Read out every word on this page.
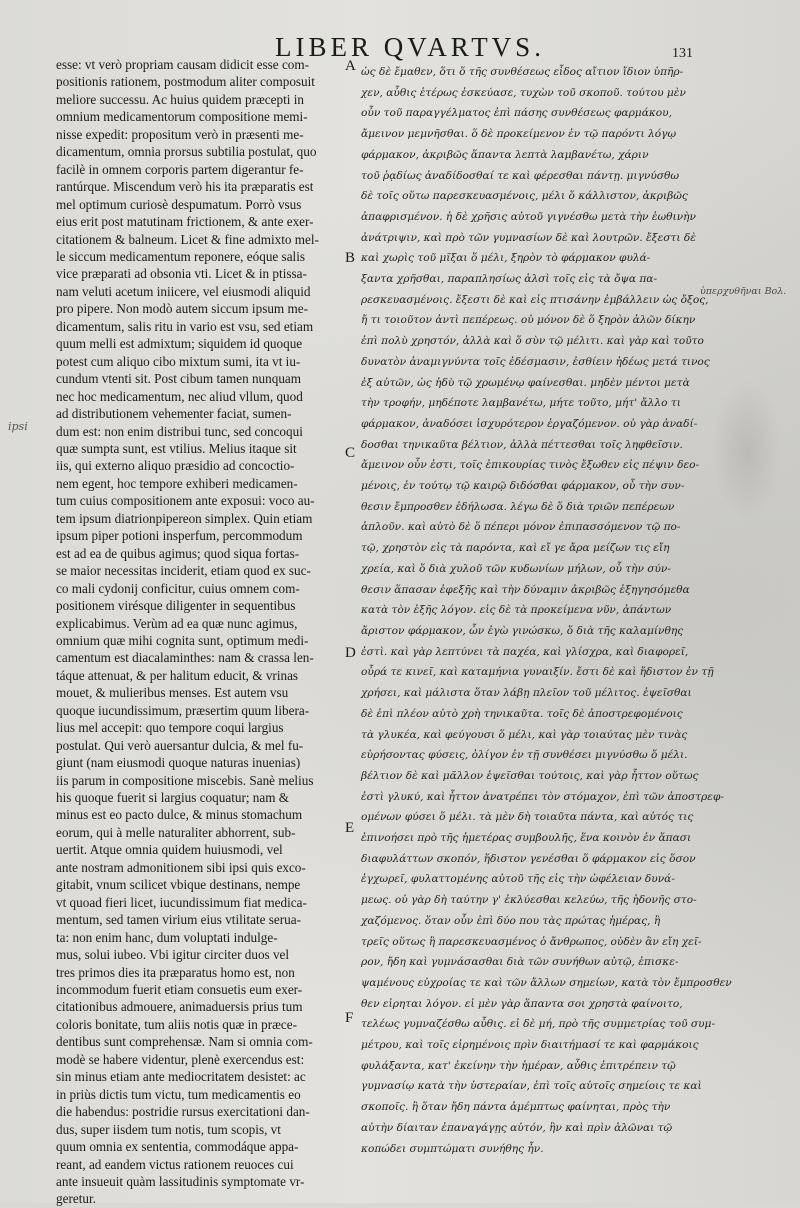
LIBER QVARTVS.	131
esse: vt verò propriam causam didicit esse com-
positionis rationem, postmodum aliter composuit
meliore successu. Ac huius quidem præcepti in
omnium medicamentorum compositione memi-
nisse expedit: propositum verò in præsenti me-
dicamentum, omnia prorsus subtilia postulat, quo
facilè in omnem corporis partem digerantur fe-
rantúrque. Miscendum verò his ita præparatis est
mel optimum curiosè despumatum. Porrò vsus
eius erit post matutinam frictionem, & ante exer-
citationem & balneum. Licet & fine admixto mel-
le siccum medicamentum reponere, eóque salis
vice præparati ad obsonia vti. Licet & in ptissa-
nam veluti acetum iniicere, vel eiusmodi aliquid
pro pipere. Non modò autem siccum ipsum me-
dicamentum, salis ritu in vario est vsu, sed etiam
quum melli est admixtum; siquidem id quoque
potest cum aliquo cibo mixtum sumi, ita vt iu-
cundum vtenti sit. Post cibum tamen nunquam
nec hoc medicamentum, nec aliud vllum, quod
ad distributionem vehementer faciat, sumen-
dum est: non enim distribui tunc, sed concoqui
quæ sumpta sunt, est vtilius. Melius itaque sit
iis, qui externo aliquo præsidio ad concoctio-
nem egent, hoc tempore exhiberi medicamen-
tum cuius compositionem ante exposui: voco au-
tem ipsum diatrionpipereon simplex. Quin etiam
ipsum piper potioni insperfum, percommodum
est ad ea de quibus agimus; quod siqua fortas-
se maior necessitas inciderit, etiam quod ex suc-
co mali cydonij conficitur, cuius omnem com-
positionem virésque diligenter in sequentibus
explicabimus. Verùm ad ea quæ nunc agimus,
omnium quæ mihi cognita sunt, optimum medi-
camentum est diacalaminthes: nam & crassa len-
táque attenuat, & per halitum educit, & vrinas
mouet, & mulieribus menses. Est autem vsu
quoque iucundissimum, præsertim quum libera-
lius mel accepit: quo tempore coqui largius
postulat. Qui verò auersantur dulcia, & mel fu-
giunt (nam eiusmodi quoque naturas inuenias)
iis parum in compositione miscebis. Sanè melius
his quoque fuerit si largius coquatur; nam &
minus est eo pacto dulce, & minus stomachum
eorum, qui à melle naturaliter abhorrent, sub-
uertit. Atque omnia quidem huiusmodi, vel
ante nostram admonitionem sibi ipsi quis exco-
gitabit, vnum scilicet vbique destinans, nempe
vt quoad fieri licet, iucundissimum fiat medica-
mentum, sed tamen virium eius vtilitate serua-
ta: non enim hanc, dum voluptati indulge-
mus, solui iubeo. Vbi igitur circiter duos vel
tres primos dies ita præparatus homo est, non
incommodum fuerit etiam consuetis eum exer-
citationibus admouere, animaduersis prius tum
coloris bonitate, tum aliis notis quæ in præce-
dentibus sunt comprehensæ. Nam si omnia com-
modè se habere videntur, plenè exercendus est:
sin minus etiam ante mediocritatem desistet: ac
in priùs dictis tum victu, tum medicamentis eo
die habendus: postridie rursus exercitationi dan-
dus, super iisdem tum notis, tum scopis, vt
quum omnia ex sententia, commodáque appa-
reant, ad eandem victus rationem reuoces cui
ante insueuit quàm lassitudinis symptomate vr-
geretur.
A
B
C
D
E
F
ὡς δὲ ἔμαθεν, ὅτι ὅ τῆς συνθέσεως εἶδος αἴτιον ἴδιον ὑπῆρ-
χεν, αὖθις ἑτέρως ἐσκεύασε, τυχὼν τοῦ σκοποῦ. τούτου μὲν
οὖν τοῦ παραγγέλματος ἐπὶ πάσης συνθέσεως φαρμάκου,
ἄμεινον μεμνῆσθαι. ὅ δὲ προκείμενον ἐν τῷ παρόντι λόγῳ
φάρμακον, ἀκριβῶς ἅπαντα λεπτὰ λαμβανέτω, χάριν
τοῦ ῥᾳδίως ἀναδίδοσθαί τε καὶ φέρεσθαι πάντῃ. μιγνύσθω
δὲ τοῖς οὕτω παρεσκευασμένοις, μέλι ὅ κάλλιστον, ἀκριβῶς
ἀπαφρισμένον. ἡ δὲ χρῆσις αὐτοῦ γιγνέσθω μετὰ τὴν ἑωθινὴν
ἀνάτριψιν, καὶ πρὸ τῶν γυμνασίων δὲ καὶ λουτρῶν. ἔξεστι δὲ
καὶ χωρὶς τοῦ μῖξαι ὅ μέλι, ξηρὸν τὸ φάρμακον φυλά-
ξαντα χρῆσθαι, παραπλησίως ἁλσὶ τοῖς εἰς τὰ ὄψα πα-
ρεσκευασμένοις. ἔξεστι δὲ καὶ εἰς πτισάνην ἐμβάλλειν ὡς ὄξος,
ἤ τι τοιοῦτον ἀντὶ πεπέρεως. οὐ μόνον δὲ ὅ ξηρὸν ἁλῶν δίκην
ἐπὶ πολὺ χρηστόν, ἀλλὰ καὶ ὅ σὺν τῷ μέλιτι. καὶ γὰρ καὶ τοῦτο
δυνατὸν ἀναμιγνύντα τοῖς ἐδέσμασιν, ἐσθίειν ἡδέως μετά τινος
ἐξ αὐτῶν, ὡς ἡδὺ τῷ χρωμένῳ φαίνεσθαι. μηδὲν μέντοι μετὰ
τὴν τροφήν, μηδέποτε λαμβανέτω, μήτε τοῦτο, μήτ' ἄλλο τι
φάρμακον, ἀναδόσει ἰσχυρότερον ἐργαζόμενον. οὐ γὰρ ἀναδί-
δοσθαι τηνικαῦτα βέλτιον, ἀλλὰ πέττεσθαι τοῖς ληφθεῖσιν.
ἄμεινον οὖν ἐστι, τοῖς ἐπικουρίας τινὸς ἔξωθεν εἰς πέψιν δεο-
μένοις, ἐν τούτῳ τῷ καιρῷ διδόσθαι φάρμακον, οὗ τὴν συν-
θεσιν ἔμπροσθεν ἐδήλωσα. λέγω δὲ ὅ διὰ τριῶν πεπέρεων
ἁπλοῦν. καὶ αὐτὸ δὲ ὅ πέπερι μόνον ἐπιπασσόμενον τῷ πο-
τῷ, χρηστὸν εἰς τὰ παρόντα, καὶ εἴ γε ἄρα μείζων τις εἴη
χρεία, καὶ ὅ διὰ χυλοῦ τῶν κυδωνίων μήλων, οὗ τὴν σύν-
θεσιν ἅπασαν ἐφεξῆς καὶ τὴν δύναμιν ἀκριβῶς ἐξηγησόμεθα
κατὰ τὸν ἑξῆς λόγον. εἰς δὲ τὰ προκείμενα νῦν, ἁπάντων
ἄριστον φάρμακον, ὧν ἐγὼ γινώσκω, ὅ διὰ τῆς καλαμίνθης
ἐστὶ. καὶ γὰρ λεπτύνει τὰ παχέα, καὶ γλίσχρα, καὶ διαφορεῖ,
οὖρά τε κινεῖ, καὶ καταμήνια γυναιξίν. ἔστι δὲ καὶ ἥδιστον ἐν τῇ
χρήσει, καὶ μάλιστα ὅταν λάβῃ πλεῖον τοῦ μέλιτος. ἑψεῖσθαι
δὲ ἐπὶ πλέον αὐτὸ χρὴ τηνικαῦτα. τοῖς δὲ ἀποστρεφομένοις
τὰ γλυκέα, καὶ φεύγουσι ὅ μέλι, καὶ γὰρ τοιαύτας μὲν τινὰς
εὑρήσοντας φύσεις, ὀλίγον ἐν τῇ συνθέσει μιγνύσθω ὅ μέλι.
βέλτιον δὲ καὶ μᾶλλον ἑψεῖσθαι τούτοις, καὶ γὰρ ἧττον οὕτως
ἐστὶ γλυκύ, καὶ ἧττον ἀνατρέπει τὸν στόμαχον, ἐπὶ τῶν ἀποστρεφ-
ομένων φύσει ὅ μέλι. τὰ μὲν δὴ τοιαῦτα πάντα, καὶ αὐτός τις
ἐπινοήσει πρὸ τῆς ἡμετέρας συμβουλῆς, ἕνα κοινὸν ἐν ἅπασι
διαφυλάττων σκοπόν, ἥδιστον γενέσθαι ὅ φάρμακον εἰς ὅσον
ἐγχωρεῖ, φυλαττομένης αὐτοῦ τῆς εἰς τὴν ὠφέλειαν δυνά-
μεως. οὐ γὰρ δὴ ταύτην γ' ἐκλύεσθαι κελεύω, τῆς ἡδονῆς στο-
χαζόμενος. ὅταν οὖν ἐπὶ δύο που τὰς πρώτας ἡμέρας, ἢ
τρεῖς οὕτως ἢ παρεσκευασμένος ὁ ἄνθρωπος, οὐδὲν ἂν εἴη χεῖ-
ρον, ἤδη καὶ γυμνάσασθαι διὰ τῶν συνήθων αὐτῷ, ἐπισκε-
ψαμένους εὐχροίας τε καὶ τῶν ἄλλων σημείων, κατὰ τὸν ἔμπροσθεν
θεν εἰρηται λόγον. εἰ μὲν γὰρ ἅπαντα σοι χρηστὰ φαίνοιτο,
τελέως γυμναζέσθω αὖθις. εἰ δὲ μή, πρὸ τῆς συμμετρίας τοῦ συμ-
μέτρου, καὶ τοῖς εἰρημένοις πρὶν διαιτήμασί τε καὶ φαρμάκοις
φυλάξαντα, κατ' ἐκείνην τὴν ἡμέραν, αὖθις ἐπιτρέπειν τῷ
γυμνασίῳ κατὰ τὴν ὑστεραίαν, ἐπὶ τοῖς αὐτοῖς σημείοις τε καὶ
σκοποῖς. ἢ ὅταν ἤδη πάντα ἀμέμπτως φαίνηται, πρὸς τὴν
αὐτὴν δίαιταν ἐπαναγάγῃς αὐτόν, ἣν καὶ πρὶν ἁλῶναι τῷ
κοπώδει συμπτώματι συνήθης ἦν.
ipsi
ὑπερχυθῆναι Βολ.
